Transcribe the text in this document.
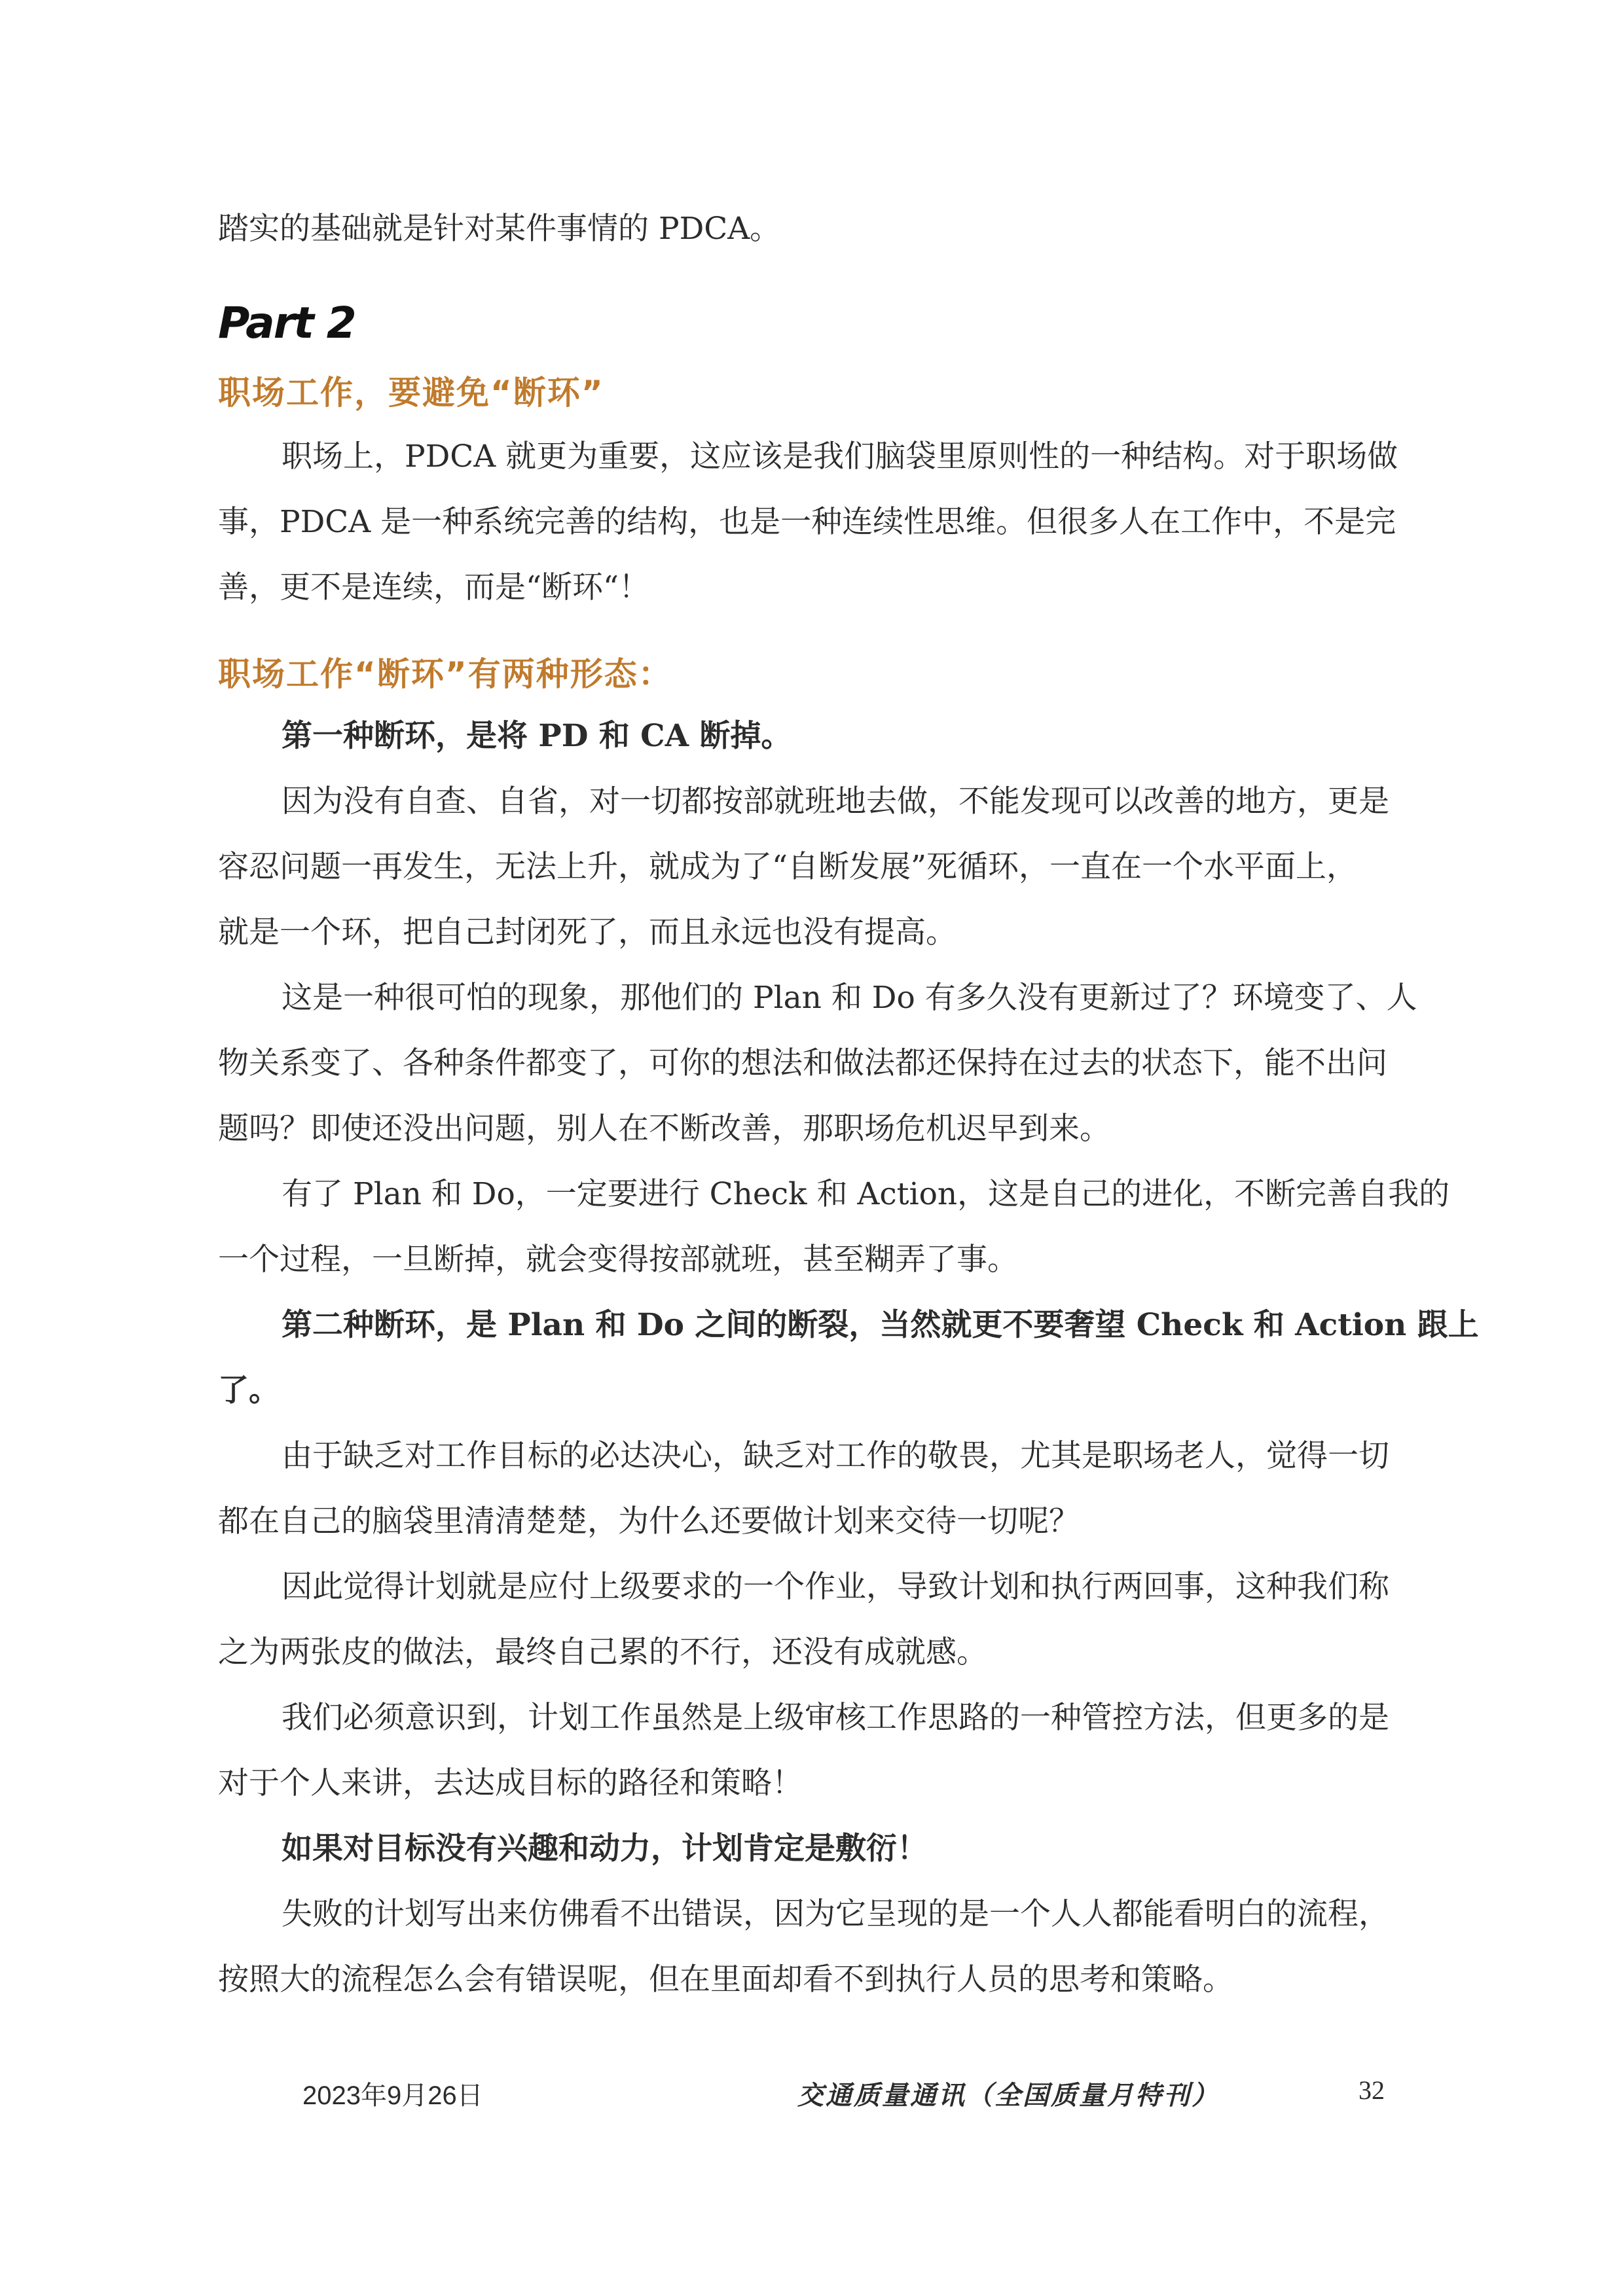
踏实的基础就是针对某件事情的 PDCA。

Part 2
职场工作，要避免“断环”

职场上，PDCA 就更为重要，这应该是我们脑袋里原则性的一种结构。对于职场做

事，PDCA 是一种系统完善的结构，也是一种连续性思维。但很多人在工作中，不是完

善，更不是连续，而是“断环“！

职场工作“断环”有两种形态：

第一种断环，是将 PD 和 CA 断掉。

因为没有自查、自省，对一切都按部就班地去做，不能发现可以改善的地方，更是

容忍问题一再发生，无法上升，就成为了“自断发展”死循环，一直在一个水平面上，

就是一个环，把自己封闭死了，而且永远也没有提高。

这是一种很可怕的现象，那他们的 Plan 和 Do 有多久没有更新过了？环境变了、人

物关系变了、各种条件都变了，可你的想法和做法都还保持在过去的状态下，能不出问

题吗？即使还没出问题，别人在不断改善，那职场危机迟早到来。

有了 Plan 和 Do，一定要进行 Check 和 Action，这是自己的进化，不断完善自我的

一个过程，一旦断掉，就会变得按部就班，甚至糊弄了事。

第二种断环，是 Plan 和 Do 之间的断裂，当然就更不要奢望 Check 和 Action 跟上

了。

由于缺乏对工作目标的必达决心，缺乏对工作的敬畏，尤其是职场老人，觉得一切

都在自己的脑袋里清清楚楚，为什么还要做计划来交待一切呢？

因此觉得计划就是应付上级要求的一个作业，导致计划和执行两回事，这种我们称

之为两张皮的做法，最终自己累的不行，还没有成就感。

我们必须意识到，计划工作虽然是上级审核工作思路的一种管控方法，但更多的是

对于个人来讲，去达成目标的路径和策略！

如果对目标没有兴趣和动力，计划肯定是敷衍！

失败的计划写出来仿佛看不出错误，因为它呈现的是一个人人都能看明白的流程，

按照大的流程怎么会有错误呢，但在里面却看不到执行人员的思考和策略。

2023年9月26日	交通质量通讯（全国质量月特刊）	32
